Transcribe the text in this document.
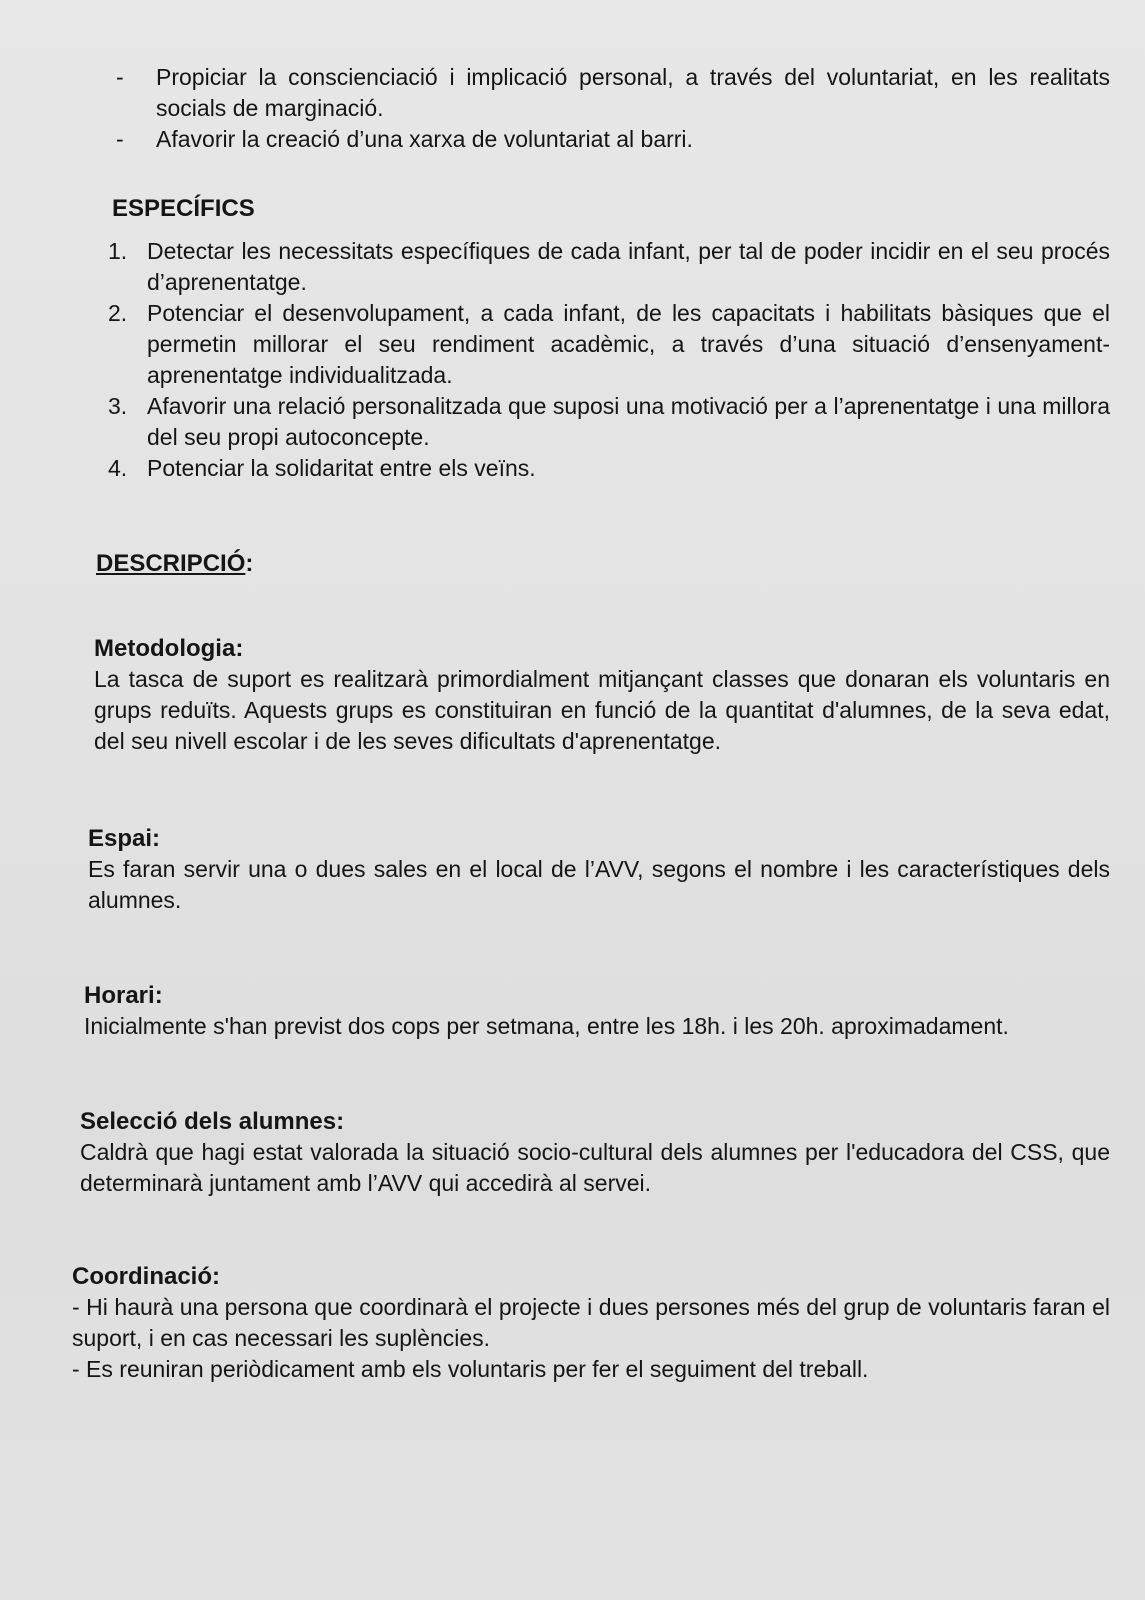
- Propiciar la conscienciació i implicació personal, a través del voluntariat, en les realitats socials de marginació.
- Afavorir la creació d’una xarxa de voluntariat al barri.

ESPECÍFICS

1. Detectar les necessitats específiques de cada infant, per tal de poder incidir en el seu procés d’aprenentatge.
2. Potenciar el desenvolupament, a cada infant, de les capacitats i habilitats bàsiques que el permetin millorar el seu rendiment acadèmic, a través d’una situació d’ensenyament-aprenentatge individualitzada.
3. Afavorir una relació personalitzada que suposi una motivació per a l’aprenentatge i una millora del seu propi autoconcepte.
4. Potenciar la solidaritat entre els veïns.

DESCRIPCIÓ:

Metodologia:

La tasca de suport es realitzarà primordialment mitjançant classes que donaran els voluntaris en grups reduïts. Aquests grups es constituiran en funció de la quantitat d'alumnes, de la seva edat, del seu nivell escolar i de les seves dificultats d'aprenentatge.

Espai:

Es faran servir una o dues sales en el local de l’AVV, segons el nombre i les característiques dels alumnes.

Horari:

Inicialmente s'han previst dos cops per setmana, entre les 18h. i les 20h. aproximadament.

Selecció dels alumnes:

Caldrà que hagi estat valorada la situació socio-cultural dels alumnes per l'educadora del CSS, que determinarà juntament amb l’AVV qui accedirà al servei.

Coordinació:

- Hi haurà una persona que coordinarà el projecte i dues persones més del grup de voluntaris faran el suport, i en cas necessari les suplències.

- Es reuniran periòdicament amb els voluntaris per fer el seguiment del treball.
